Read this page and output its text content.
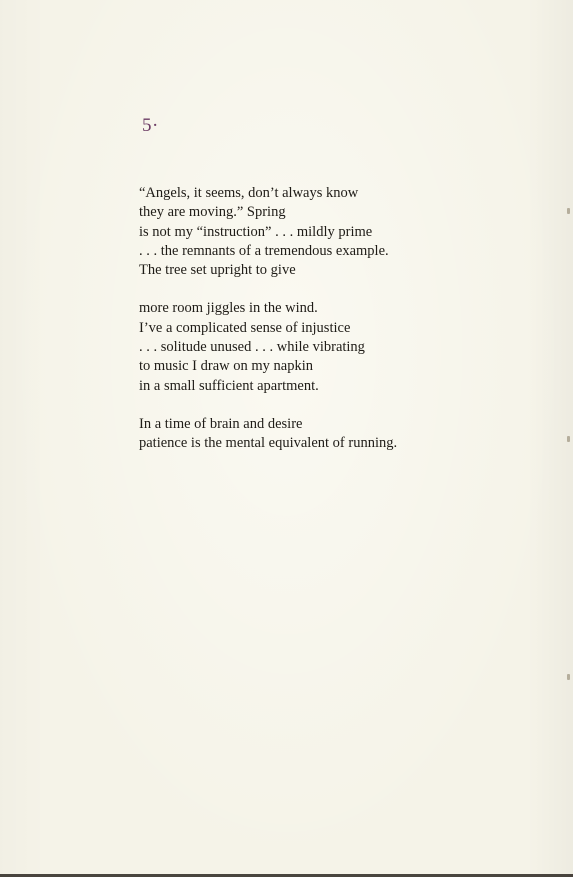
5·

“Angels, it seems, don’t always know
they are moving.” Spring
is not my “instruction” . . . mildly prime
. . . the remnants of a tremendous example.
The tree set upright to give

more room jiggles in the wind.
I’ve a complicated sense of injustice
. . . solitude unused . . . while vibrating
to music I draw on my napkin
in a small sufficient apartment.

In a time of brain and desire
patience is the mental equivalent of running.
